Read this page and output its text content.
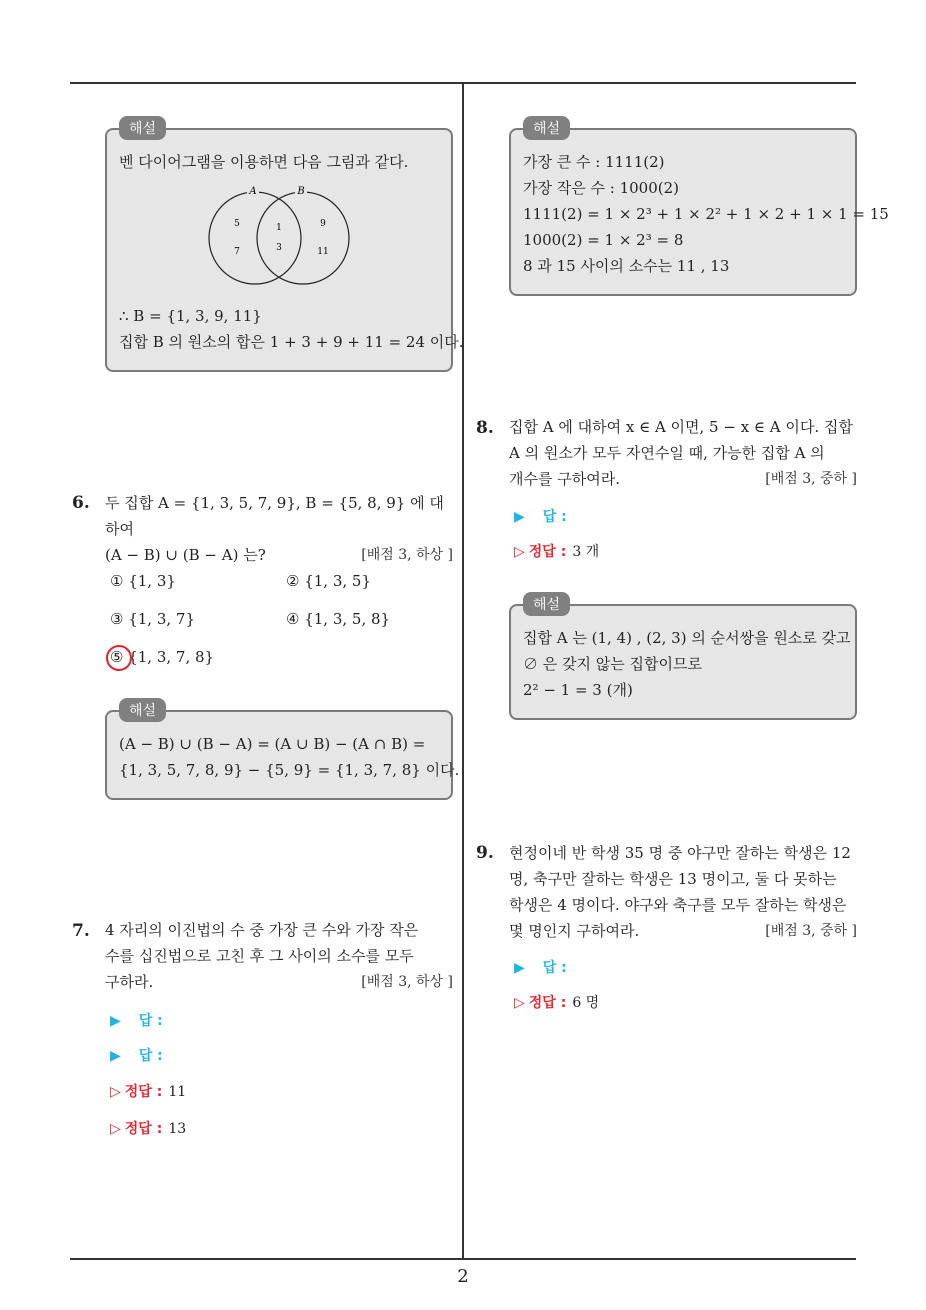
해설
벤 다이어그램을 이용하면 다음 그림과 같다.
A	B
5
7
1
3
9
11
∴ B = {1, 3, 9, 11}
집합 B 의 원소의 합은 1 + 3 + 9 + 11 = 24 이다.
6. 두 집합 A = {1, 3, 5, 7, 9}, B = {5, 8, 9} 에 대하여
(A − B) ∪ (B − A) 는?	[배점 3, 하상 ]
① {1, 3}	② {1, 3, 5}
③ {1, 3, 7}	④ {1, 3, 5, 8}
⑤ {1, 3, 7, 8}
해설
(A − B) ∪ (B − A) = (A ∪ B) − (A ∩ B) =
{1, 3, 5, 7, 8, 9} − {5, 9} = {1, 3, 7, 8} 이다.
7. 4 자리의 이진법의 수 중 가장 큰 수와 가장 작은
수를 십진법으로 고친 후 그 사이의 소수를 모두
구하라.	[배점 3, 하상 ]
▶ 답 :
▶ 답 :
▷ 정답 : 11
▷ 정답 : 13
해설
가장 큰 수 : 1111(2)
가장 작은 수 : 1000(2)
1111(2) = 1 × 2³ + 1 × 2² + 1 × 2 + 1 × 1 = 15
1000(2) = 1 × 2³ = 8
8 과 15 사이의 소수는 11 , 13
8. 집합 A 에 대하여 x ∈ A 이면, 5 − x ∈ A 이다. 집합
A 의 원소가 모두 자연수일 때, 가능한 집합 A 의
개수를 구하여라.	[배점 3, 중하 ]
▶ 답 :
▷ 정답 : 3 개
해설
집합 A 는 (1, 4) , (2, 3) 의 순서쌍을 원소로 갖고
∅ 은 갖지 않는 집합이므로
2² − 1 = 3 (개)
9. 현정이네 반 학생 35 명 중 야구만 잘하는 학생은 12
명, 축구만 잘하는 학생은 13 명이고, 둘 다 못하는
학생은 4 명이다. 야구와 축구를 모두 잘하는 학생은
몇 명인지 구하여라.	[배점 3, 중하 ]
▶ 답 :
▷ 정답 : 6 명
2
